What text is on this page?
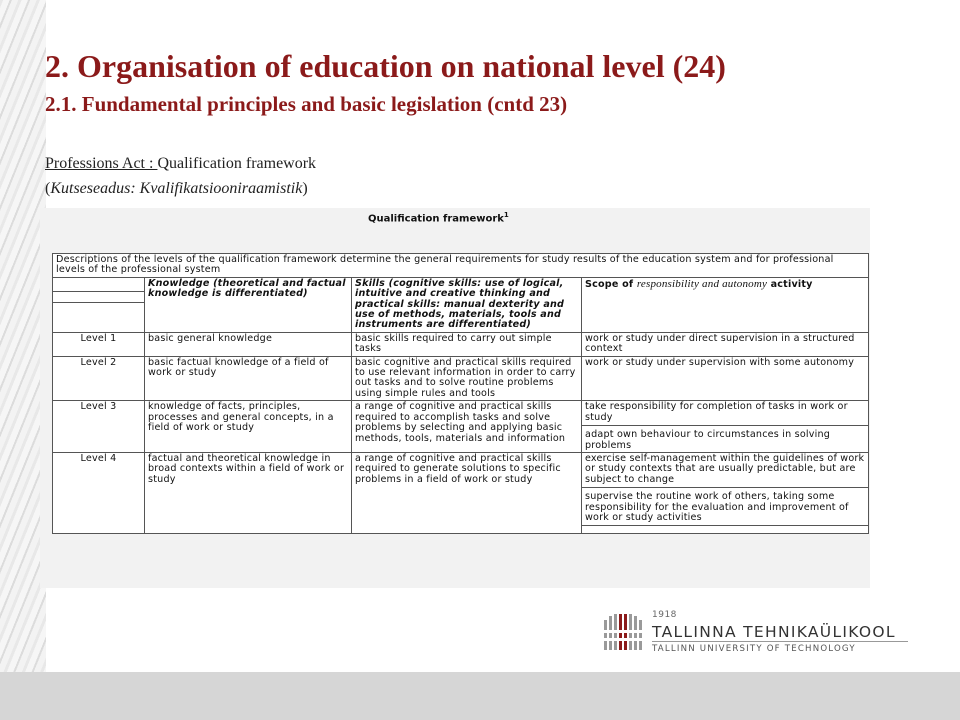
2. Organisation of education on national level (24)
2.1. Fundamental principles and basic legislation (cntd 23)
Professions Act : Qualification framework
(Kutseseadus: Kvalifikatsiooniraamistik)
Qualification framework$^1$
Descriptions of the levels of the qualification framework determine the general requirements for study results of the education system and for professional levels of the professional system			

	Knowledge (theoretical and factual knowledge is differentiated)	Skills (cognitive skills: use of logical, intuitive and creative thinking and practical skills: manual dexterity and use of methods, materials, tools and instruments are differentiated)	Scope of responsibility and autonomy activity
Level 1	basic general knowledge	basic skills required to carry out simple tasks	work or study under direct supervision in a structured context

Level 2	basic factual knowledge of a field of work or study	basic cognitive and practical skills required to use relevant information in order to carry out tasks and to solve routine problems using simple rules and tools	work or study under supervision with some autonomy

Level 3	knowledge of facts, principles, processes and general concepts, in a field of work or study	a range of cognitive and practical skills required to accomplish tasks and solve problems by selecting and applying basic methods, tools, materials and information	take responsibility for completion of tasks in work or study
adapt own behaviour to circumstances in solving problems

Level 4	factual and theoretical knowledge in broad contexts within a field of work or study	a range of cognitive and practical skills required to generate solutions to specific problems in a field of work or study	exercise self-management within the guidelines of work or study contexts that are usually predictable, but are subject to change
supervise the routine work of others, taking some responsibility for the evaluation and improvement of work or study activities
1918
TALLINNA TEHNIKAÜLIKOOL
TALLINN UNIVERSITY OF TECHNOLOGY
